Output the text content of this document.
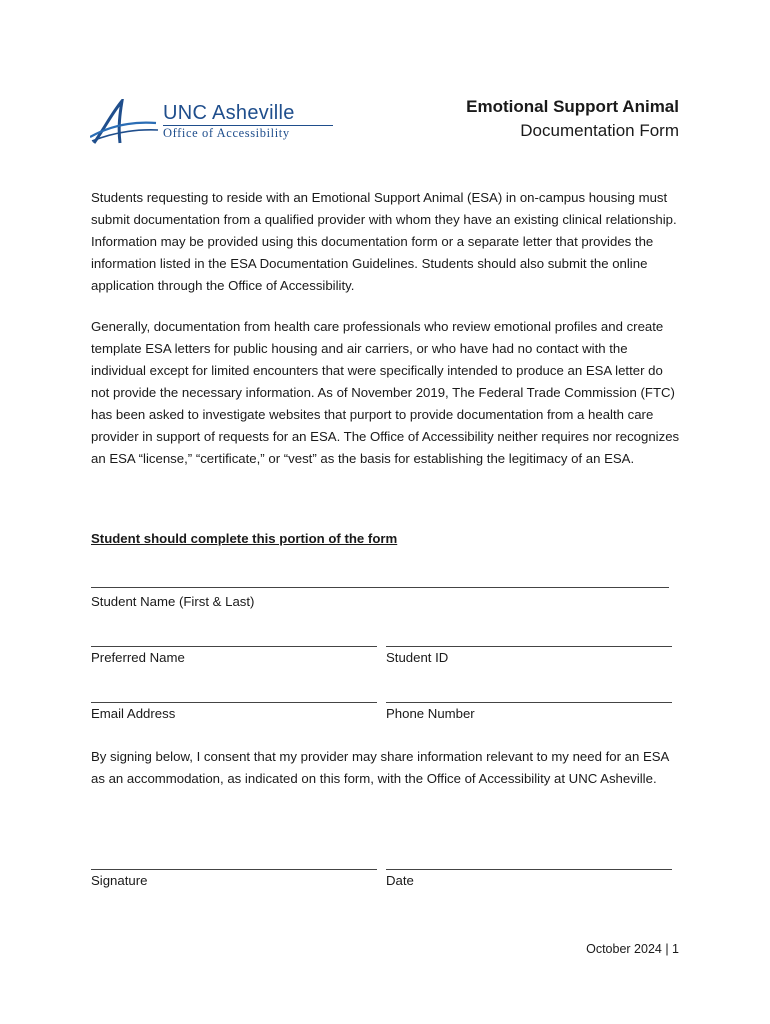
UNC Asheville
Office of Accessibility
Emotional Support Animal
Documentation Form
Students requesting to reside with an Emotional Support Animal (ESA) in on-campus housing must submit documentation from a qualified provider with whom they have an existing clinical relationship. Information may be provided using this documentation form or a separate letter that provides the information listed in the ESA Documentation Guidelines. Students should also submit the online application through the Office of Accessibility.
Generally, documentation from health care professionals who review emotional profiles and create template ESA letters for public housing and air carriers, or who have had no contact with the individual except for limited encounters that were specifically intended to produce an ESA letter do not provide the necessary information. As of November 2019, The Federal Trade Commission (FTC) has been asked to investigate websites that purport to provide documentation from a health care provider in support of requests for an ESA. The Office of Accessibility neither requires nor recognizes an ESA “license,” “certificate,” or “vest” as the basis for establishing the legitimacy of an ESA.
Student should complete this portion of the form
Student Name (First & Last)
Preferred Name	Student ID
Email Address	Phone Number
By signing below, I consent that my provider may share information relevant to my need for an ESA as an accommodation, as indicated on this form, with the Office of Accessibility at UNC Asheville.
Signature	Date
October 2024 | 1
